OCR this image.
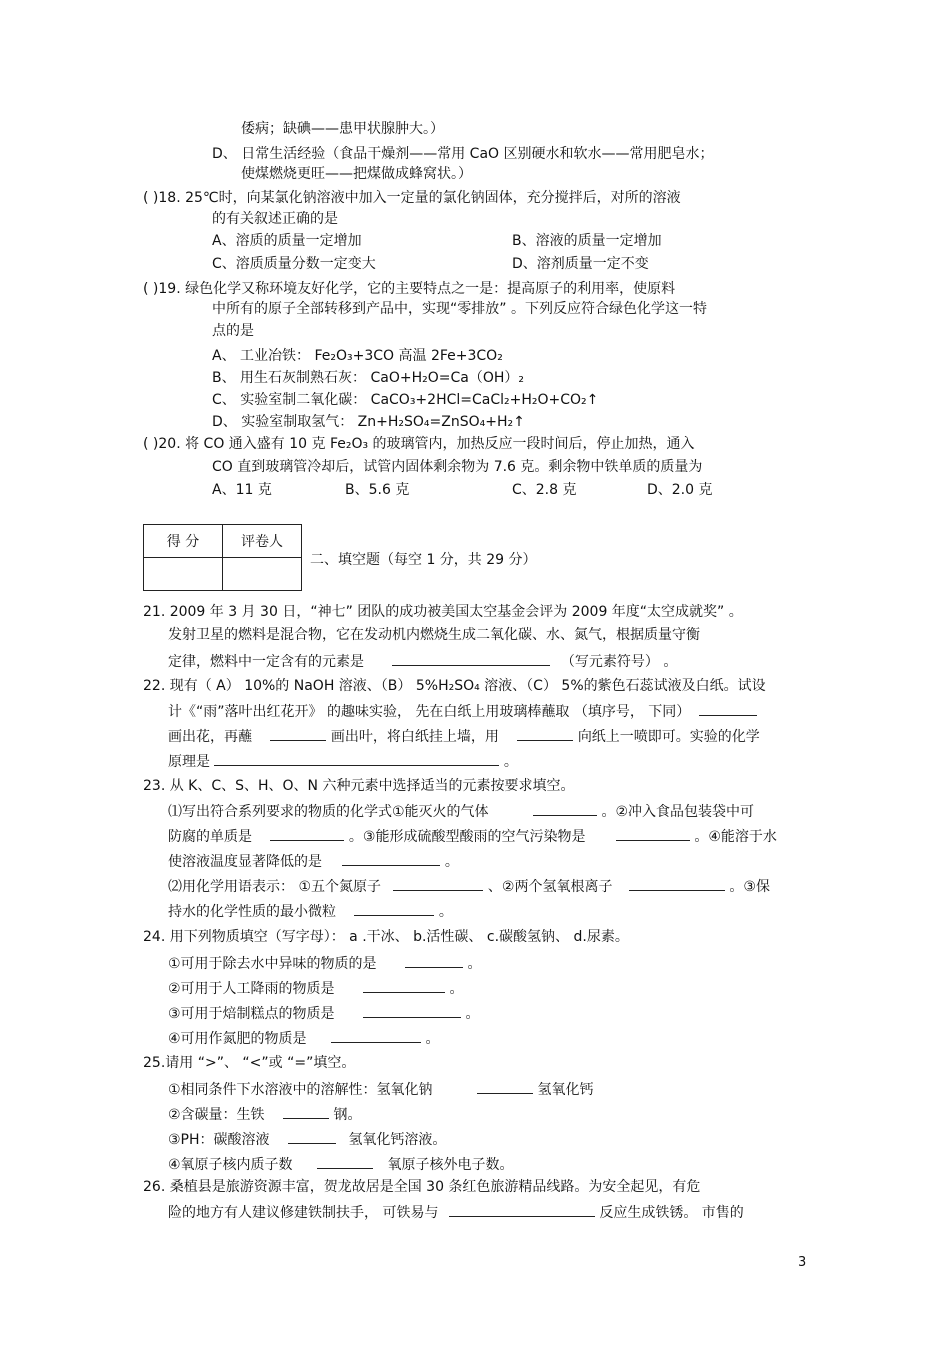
倭病；缺碘——患甲状腺肿大。）
D、 日常生活经验（食品干燥剂——常用 CaO 区别硬水和软水——常用肥皂水；
使煤燃烧更旺——把煤做成蜂窝状。）
( )18. 25℃时，向某氯化钠溶液中加入一定量的氯化钠固体，充分搅拌后，对所的溶液
的有关叙述正确的是
A、溶质的质量一定增加	B、溶液的质量一定增加
C、溶质质量分数一定变大	D、溶剂质量一定不变
( )19. 绿色化学又称环境友好化学，它的主要特点之一是：提高原子的利用率，使原料
中所有的原子全部转移到产品中，实现“零排放” 。下列反应符合绿色化学这一特
点的是
A、 工业冶铁： Fe₂O₃+3CO 高温 2Fe+3CO₂
B、 用生石灰制熟石灰： CaO+H₂O=Ca（OH）₂
C、 实验室制二氧化碳： CaCO₃+2HCl=CaCl₂+H₂O+CO₂↑
D、 实验室制取氢气： Zn+H₂SO₄=ZnSO₄+H₂↑
( )20. 将 CO 通入盛有 10 克 Fe₂O₃ 的玻璃管内，加热反应一段时间后，停止加热，通入
CO 直到玻璃管冷却后，试管内固体剩余物为 7.6 克。剩余物中铁单质的质量为
A、11 克	B、5.6 克	C、2.8 克	D、2.0 克
得 分	评卷人

二、填空题（每空 1 分，共 29 分）
21. 2009 年 3 月 30 日，“神七” 团队的成功被美国太空基金会评为 2009 年度“太空成就奖” 。
发射卫星的燃料是混合物，它在发动机内燃烧生成二氧化碳、水、氮气，根据质量守衡
定律，燃料中一定含有的元素是	（写元素符号） 。
22. 现有（ A） 10%的 NaOH 溶液、（B） 5%H₂SO₄ 溶液、（C） 5%的紫色石蕊试液及白纸。试设
计《“雨”落叶出红花开》 的趣味实验， 先在白纸上用玻璃棒蘸取 （填序号， 下同）
画出花，再蘸	画出叶，将白纸挂上墙，用	向纸上一喷即可。实验的化学
原理是	。
23. 从 K、C、S、H、O、N 六种元素中选择适当的元素按要求填空。
⑴写出符合系列要求的物质的化学式①能灭火的气体	。②冲入食品包装袋中可
防腐的单质是	。③能形成硫酸型酸雨的空气污染物是	。④能溶于水
使溶液温度显著降低的是	。
⑵用化学用语表示： ①五个氮原子	、②两个氢氧根离子	。③保
持水的化学性质的最小微粒	。
24. 用下列物质填空（写字母）： a .干冰、 b.活性碳、 c.碳酸氢钠、 d.尿素。
①可用于除去水中异味的物质的是	。
②可用于人工降雨的物质是	。
③可用于焙制糕点的物质是	。
④可用作氮肥的物质是	。
25.请用 “>”、 “<”或 “=”填空。
①相同条件下水溶液中的溶解性：氢氧化钠	氢氧化钙
②含碳量：生铁	钢。
③PH：碳酸溶液	氢氧化钙溶液。
④氧原子核内质子数	氧原子核外电子数。
26. 桑植县是旅游资源丰富，贺龙故居是全国 30 条红色旅游精品线路。为安全起见，有危
险的地方有人建议修建铁制扶手， 可铁易与	反应生成铁锈。 市售的
3
